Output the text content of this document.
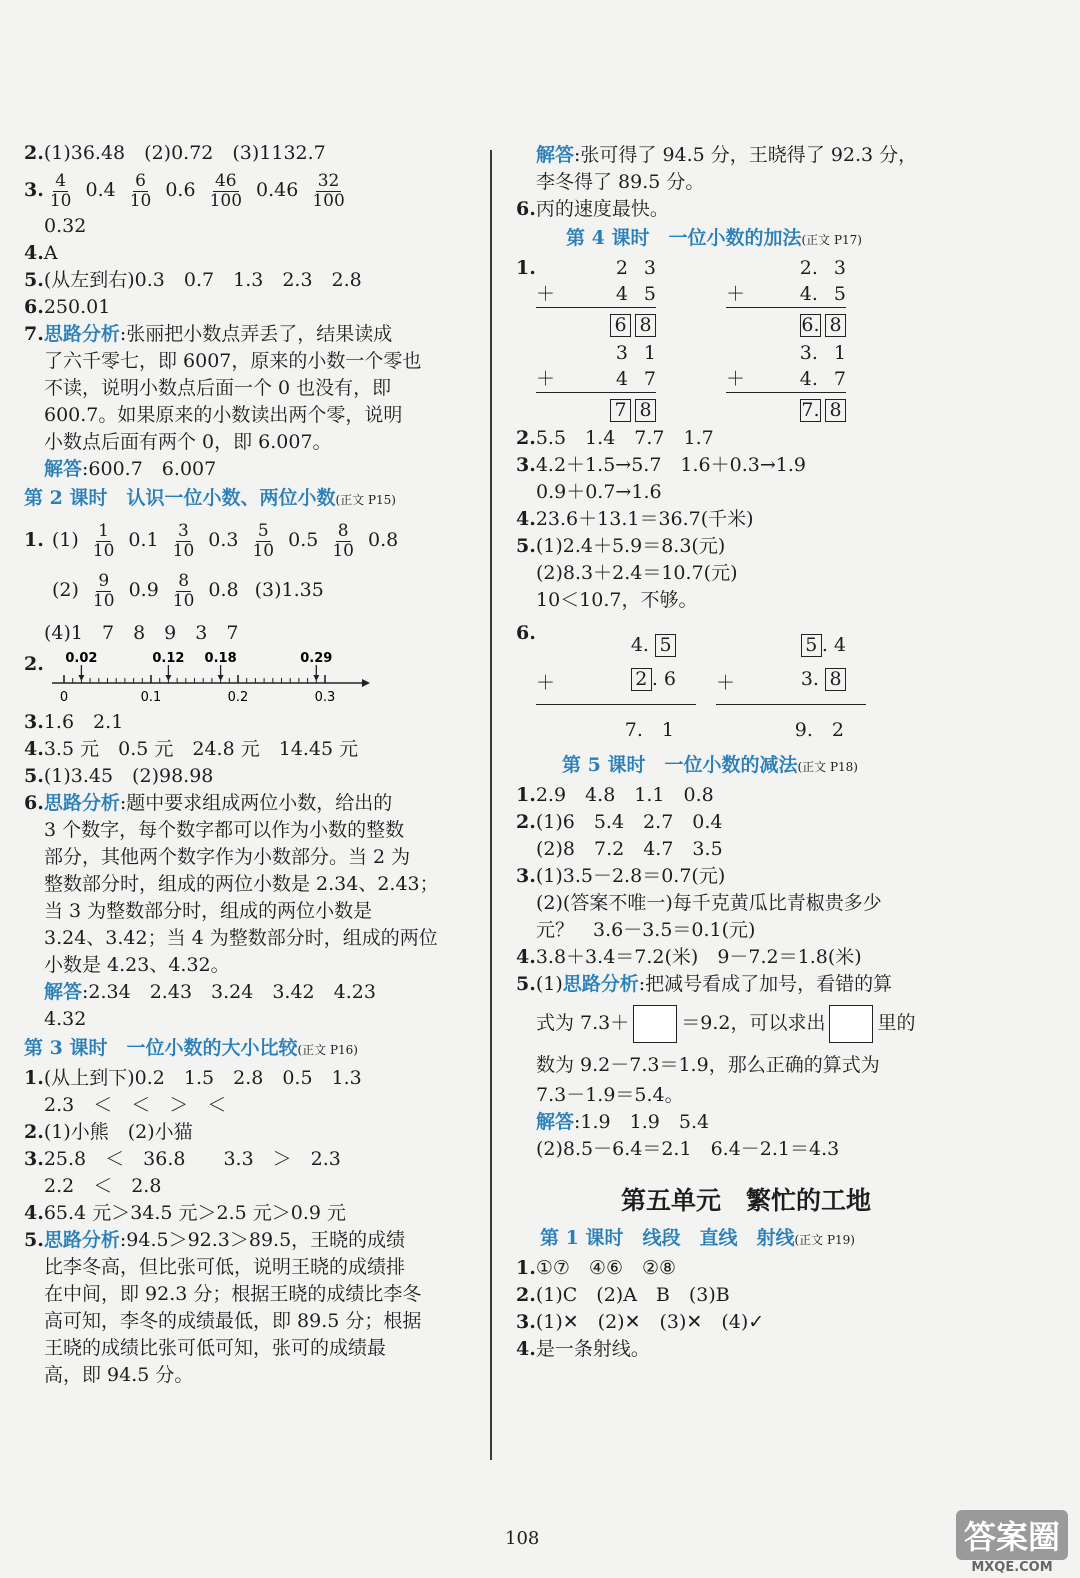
2.(1)36.48　(2)0.72　(3)1132.7
3. $\frac{4}{10} 0.4 \frac{6}{10} 0.6 \frac{46}{100} 0.46 \frac{32}{100}$
0.32
4.A
5.(从左到右)0.3　0.7　1.3　2.3　2.8
6.250.01
7.思路分析:张丽把小数点弄丢了，结果读成
了六千零七，即 6007，原来的小数一个零也
不读，说明小数点后面一个 0 也没有，即
600.7。如果原来的小数读出两个零，说明
小数点后面有两个 0，即 6.007。
解答:600.7　6.007
第 2 课时　认识一位小数、两位小数(正文 P15)
1. $(1) \frac{1}{10} 0.1 \frac{3}{10} 0.3 \frac{5}{10} 0.5 \frac{8}{10} 0.8$
$(2) \frac{9}{10} 0.9 \frac{8}{10} 0.8$ (3)1.35
(4)1　7　8　9　3　7
2.
0	0.1	0.2	0.3
0.02	0.12 0.18	0.29
3.1.6　2.1
4.3.5 元　0.5 元　24.8 元　14.45 元
5.(1)3.45　(2)98.98
6.思路分析:题中要求组成两位小数，给出的
3 个数字，每个数字都可以作为小数的整数
部分，其他两个数字作为小数部分。当 2 为
整数部分时，组成的两位小数是 2.34、2.43；
当 3 为整数部分时，组成的两位小数是
3.24、3.42；当 4 为整数部分时，组成的两位
小数是 4.23、4.32。
解答:2.34　2.43　3.24　3.42　4.23
4.32
第 3 课时　一位小数的大小比较(正文 P16)
1.(从上到下)0.2　1.5　2.8　0.5　1.3
2.3　＜　＜　＞　＜
2.(1)小熊　(2)小猫
3.25.8　＜　36.8　　3.3　＞　2.3
2.2　＜　2.8
4.65.4 元＞34.5 元＞2.5 元＞0.9 元
5.思路分析:94.5＞92.3＞89.5，王晓的成绩
比李冬高，但比张可低，说明王晓的成绩排
在中间，即 92.3 分；根据王晓的成绩比李冬
高可知，李冬的成绩最低，即 89.5 分；根据
王晓的成绩比张可低可知，张可的成绩最
高，即 94.5 分。
解答:张可得了 94.5 分，王晓得了 92.3 分，
李冬得了 89.5 分。
6.丙的速度最快。
第 4 课时　一位小数的加法(正文 P17)
1.	2 3
＋	4 5
6 8
2. 3
＋	4. 5
6. 8
3 1
＋	4 7
7 8
3. 1
＋	4. 7
7. 8
2.5.5　1.4　7.7　1.7
3.4.2＋1.5→5.7　1.6＋0.3→1.9
0.9＋0.7→1.6
4.23.6＋13.1＝36.7(千米)
5.(1)2.4＋5.9＝8.3(元)
(2)8.3＋2.4＝10.7(元)
10＜10.7，不够。
6.
4. 5
＋	2 . 6
7.　1
5 . 4
＋	3. 8
9.　2
第 5 课时　一位小数的减法(正文 P18)
1.2.9　4.8　1.1　0.8
2.(1)6　5.4　2.7　0.4
(2)8　7.2　4.7　3.5
3.(1)3.5－2.8＝0.7(元)
(2)(答案不唯一)每千克黄瓜比青椒贵多少
元？　3.6－3.5＝0.1(元)
4.3.8＋3.4＝7.2(米)　9－7.2＝1.8(米)
5.(1)思路分析:把减号看成了加号，看错的算
式为 7.3＋	＝9.2，可以求出	里的
数为 9.2－7.3＝1.9，那么正确的算式为
7.3－1.9＝5.4。
解答:1.9　1.9　5.4
(2)8.5－6.4＝2.1　6.4－2.1＝4.3
第五单元　繁忙的工地
第 1 课时　线段　直线　射线(正文 P19)
1.①⑦　④⑥　②⑧
2.(1)C　(2)A　B　(3)B
3.(1)✕　(2)✕　(3)✕　(4)✓
4.是一条射线。
108	答案圈
MXQE.COM
